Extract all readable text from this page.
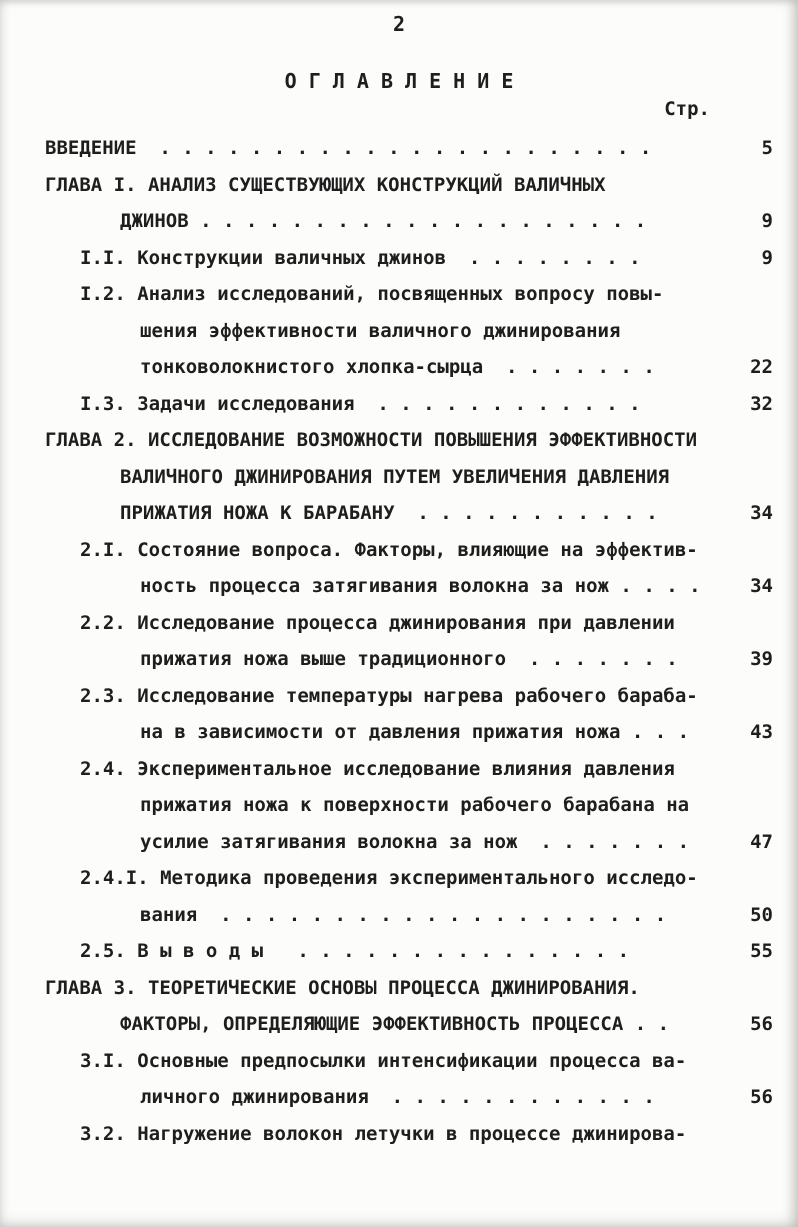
2
О Г Л А В Л Е Н И Е
Стр.
ВВЕДЕНИЕ  . . . . . . . . . . . . . . . . . . . . . .	5
ГЛАВА I. АНАЛИЗ СУЩЕСТВУЮЩИХ КОНСТРУКЦИЙ ВАЛИЧНЫХ
ДЖИНОВ . . . . . . . . . . . . . . . . . . . .	9
I.I. Конструкции валичных джинов  . . . . . . . .	9
I.2. Анализ исследований, посвященных вопросу повы-
шения эффективности валичного джинирования
тонковолокнистого хлопка-сырца  . . . . . . .	22
I.3. Задачи исследования  . . . . . . . . . . . .	32
ГЛАВА 2. ИССЛЕДОВАНИЕ ВОЗМОЖНОСТИ ПОВЫШЕНИЯ ЭФФЕКТИВНОСТИ
ВАЛИЧНОГО ДЖИНИРОВАНИЯ ПУТЕМ УВЕЛИЧЕНИЯ ДАВЛЕНИЯ
ПРИЖАТИЯ НОЖА К БАРАБАНУ  . . . . . . . . . . .	34
2.I. Состояние вопроса. Факторы, влияющие на эффектив-
ность процесса затягивания волокна за нож . . . .	34
2.2. Исследование процесса джинирования при давлении
прижатия ножа выше традиционного  . . . . . . .	39
2.3. Исследование температуры нагрева рабочего бараба-
на в зависимости от давления прижатия ножа . . .	43
2.4. Экспериментальное исследование влияния давления
прижатия ножа к поверхности рабочего барабана на
усилие затягивания волокна за нож  . . . . . . .	47
2.4.I. Методика проведения экспериментального исследо-
вания  . . . . . . . . . . . . . . . . . . . .	50
2.5. В ы в о д ы   . . . . . . . . . . . . . . .	55
ГЛАВА 3. ТЕОРЕТИЧЕСКИЕ ОСНОВЫ ПРОЦЕССА ДЖИНИРОВАНИЯ.
ФАКТОРЫ, ОПРЕДЕЛЯЮЩИЕ ЭФФЕКТИВНОСТЬ ПРОЦЕССА . .	56
3.I. Основные предпосылки интенсификации процесса ва-
личного джинирования  . . . . . . . . . . . .	56
3.2. Нагружение волокон летучки в процессе джинирова-
